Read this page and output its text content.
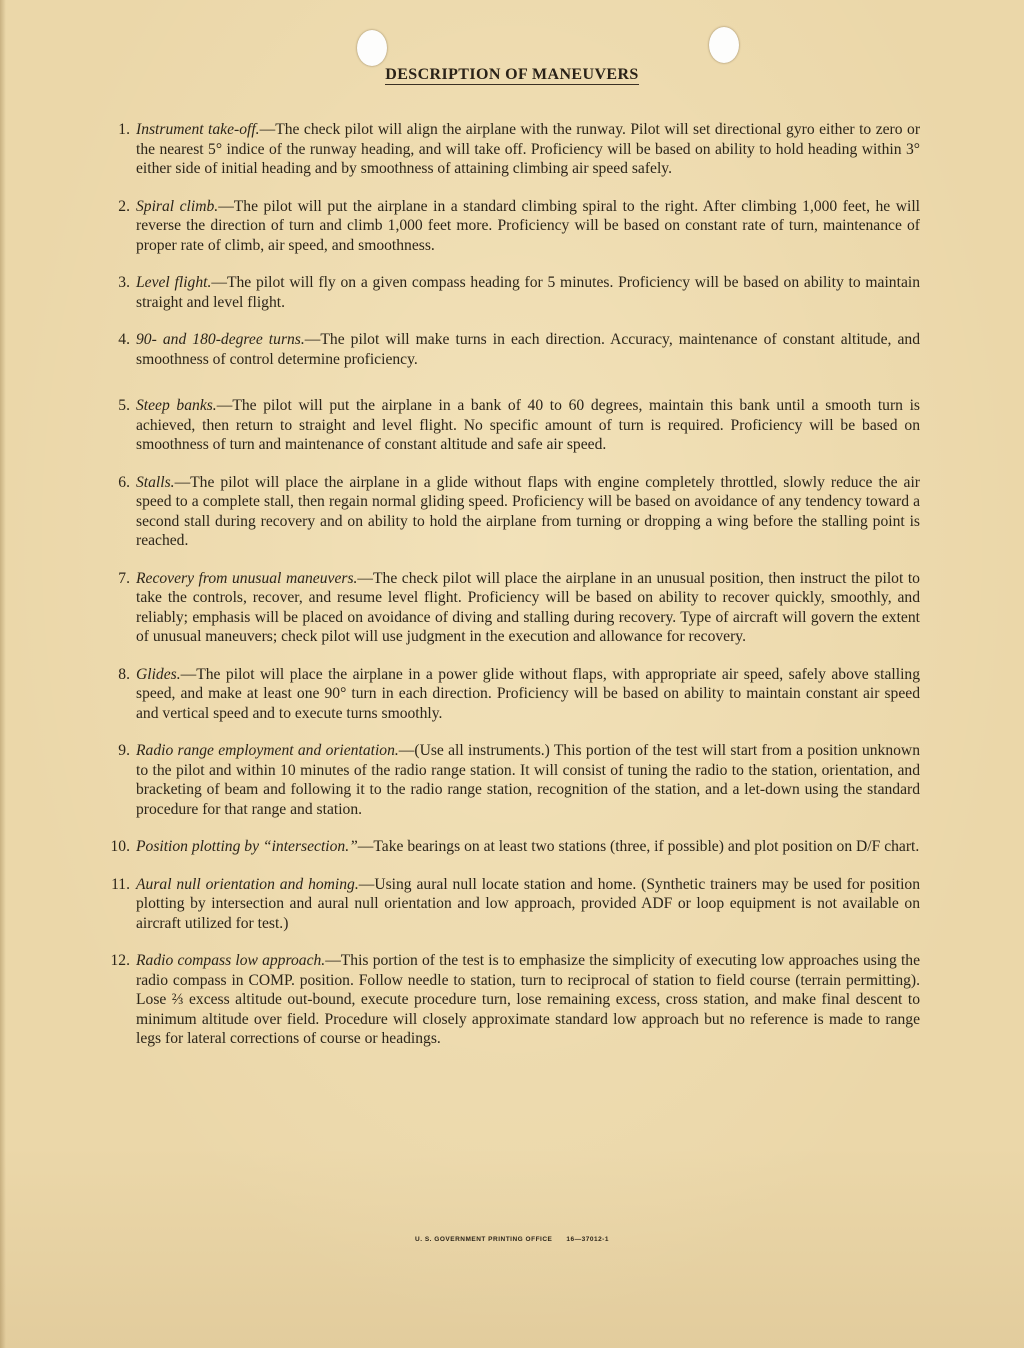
DESCRIPTION OF MANEUVERS
1. Instrument take-off.—The check pilot will align the airplane with the runway. Pilot will set directional gyro either to zero or the nearest 5° indice of the runway heading, and will take off. Proficiency will be based on ability to hold heading within 3° either side of initial heading and by smoothness of attaining climbing air speed safely.
2. Spiral climb.—The pilot will put the airplane in a standard climbing spiral to the right. After climbing 1,000 feet, he will reverse the direction of turn and climb 1,000 feet more. Proficiency will be based on constant rate of turn, maintenance of proper rate of climb, air speed, and smoothness.
3. Level flight.—The pilot will fly on a given compass heading for 5 minutes. Proficiency will be based on ability to maintain straight and level flight.
4. 90- and 180-degree turns.—The pilot will make turns in each direction. Accuracy, maintenance of constant altitude, and smoothness of control determine proficiency.
5. Steep banks.—The pilot will put the airplane in a bank of 40 to 60 degrees, maintain this bank until a smooth turn is achieved, then return to straight and level flight. No specific amount of turn is required. Proficiency will be based on smoothness of turn and maintenance of constant altitude and safe air speed.
6. Stalls.—The pilot will place the airplane in a glide without flaps with engine completely throttled, slowly reduce the air speed to a complete stall, then regain normal gliding speed. Proficiency will be based on avoidance of any tendency toward a second stall during recovery and on ability to hold the airplane from turning or dropping a wing before the stalling point is reached.
7. Recovery from unusual maneuvers.—The check pilot will place the airplane in an unusual position, then instruct the pilot to take the controls, recover, and resume level flight. Proficiency will be based on ability to recover quickly, smoothly, and reliably; emphasis will be placed on avoidance of diving and stalling during recovery. Type of aircraft will govern the extent of unusual maneuvers; check pilot will use judgment in the execution and allowance for recovery.
8. Glides.—The pilot will place the airplane in a power glide without flaps, with appropriate air speed, safely above stalling speed, and make at least one 90° turn in each direction. Proficiency will be based on ability to maintain constant air speed and vertical speed and to execute turns smoothly.
9. Radio range employment and orientation.—(Use all instruments.) This portion of the test will start from a position unknown to the pilot and within 10 minutes of the radio range station. It will consist of tuning the radio to the station, orientation, and bracketing of beam and following it to the radio range station, recognition of the station, and a let-down using the standard procedure for that range and station.
10. Position plotting by “intersection.”—Take bearings on at least two stations (three, if possible) and plot position on D/F chart.
11. Aural null orientation and homing.—Using aural null locate station and home. (Synthetic trainers may be used for position plotting by intersection and aural null orientation and low approach, provided ADF or loop equipment is not available on aircraft utilized for test.)
12. Radio compass low approach.—This portion of the test is to emphasize the simplicity of executing low approaches using the radio compass in COMP. position. Follow needle to station, turn to reciprocal of station to field course (terrain permitting). Lose ⅔ excess altitude out-bound, execute procedure turn, lose remaining excess, cross station, and make final descent to minimum altitude over field. Procedure will closely approximate standard low approach but no reference is made to range legs for lateral corrections of course or headings.
U. S. GOVERNMENT PRINTING OFFICE 16—37012-1
